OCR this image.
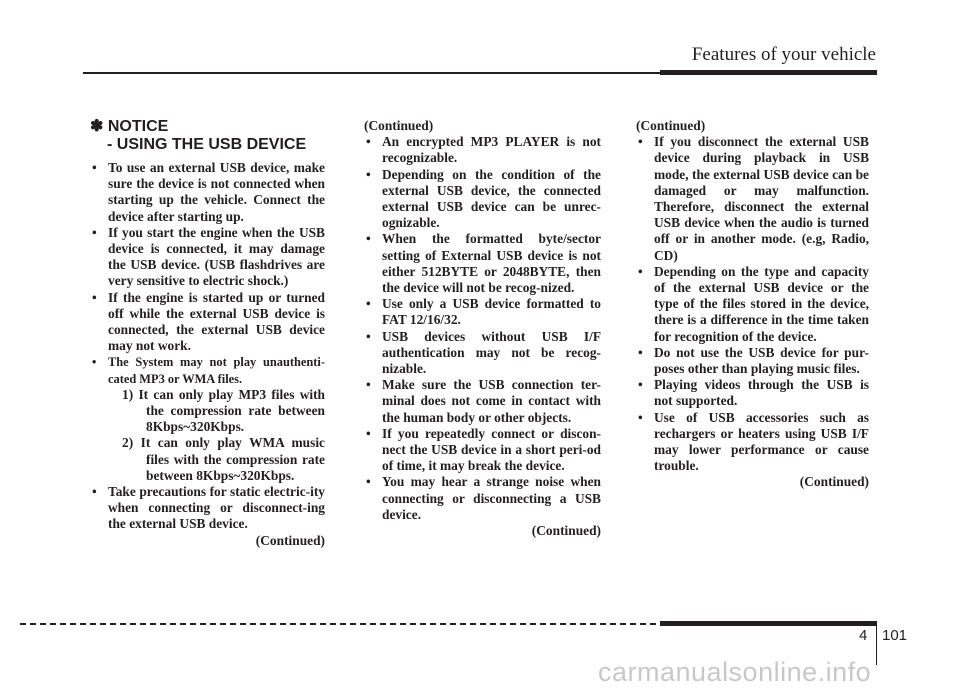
Features of your vehicle
✽ NOTICE
- USING THE USB DEVICE
• To use an external USB device, make sure the device is not connected when starting up the vehicle. Connect the device after starting up.
• If you start the engine when the USB device is connected, it may damage the USB device. (USB flashdrives are very sensitive to electric shock.)
• If the engine is started up or turned off while the external USB device is connected, the external USB device may not work.
• The System may not play unauthenti-cated MP3 or WMA files.
1) It can only play MP3 files with the compression rate between 8Kbps~320Kbps.
2) It can only play WMA music files with the compression rate between 8Kbps~320Kbps.
• Take precautions for static electric-ity when connecting or disconnect-ing the external USB device.
(Continued)
(Continued)
• An encrypted MP3 PLAYER is not recognizable.
• Depending on the condition of the external USB device, the connected external USB device can be unrec-ognizable.
• When the formatted byte/sector setting of External USB device is not either 512BYTE or 2048BYTE, then the device will not be recog-nized.
• Use only a USB device formatted to FAT 12/16/32.
• USB devices without USB I/F authentication may not be recog-nizable.
• Make sure the USB connection ter-minal does not come in contact with the human body or other objects.
• If you repeatedly connect or discon-nect the USB device in a short peri-od of time, it may break the device.
• You may hear a strange noise when connecting or disconnecting a USB device.
(Continued)
(Continued)
• If you disconnect the external USB device during playback in USB mode, the external USB device can be damaged or may malfunction. Therefore, disconnect the external USB device when the audio is turned off or in another mode. (e.g, Radio, CD)
• Depending on the type and capacity of the external USB device or the type of the files stored in the device, there is a difference in the time taken for recognition of the device.
• Do not use the USB device for pur-poses other than playing music files.
• Playing videos through the USB is not supported.
• Use of USB accessories such as rechargers or heaters using USB I/F may lower performance or cause trouble.
(Continued)
4 101
carmanualsonline.info
